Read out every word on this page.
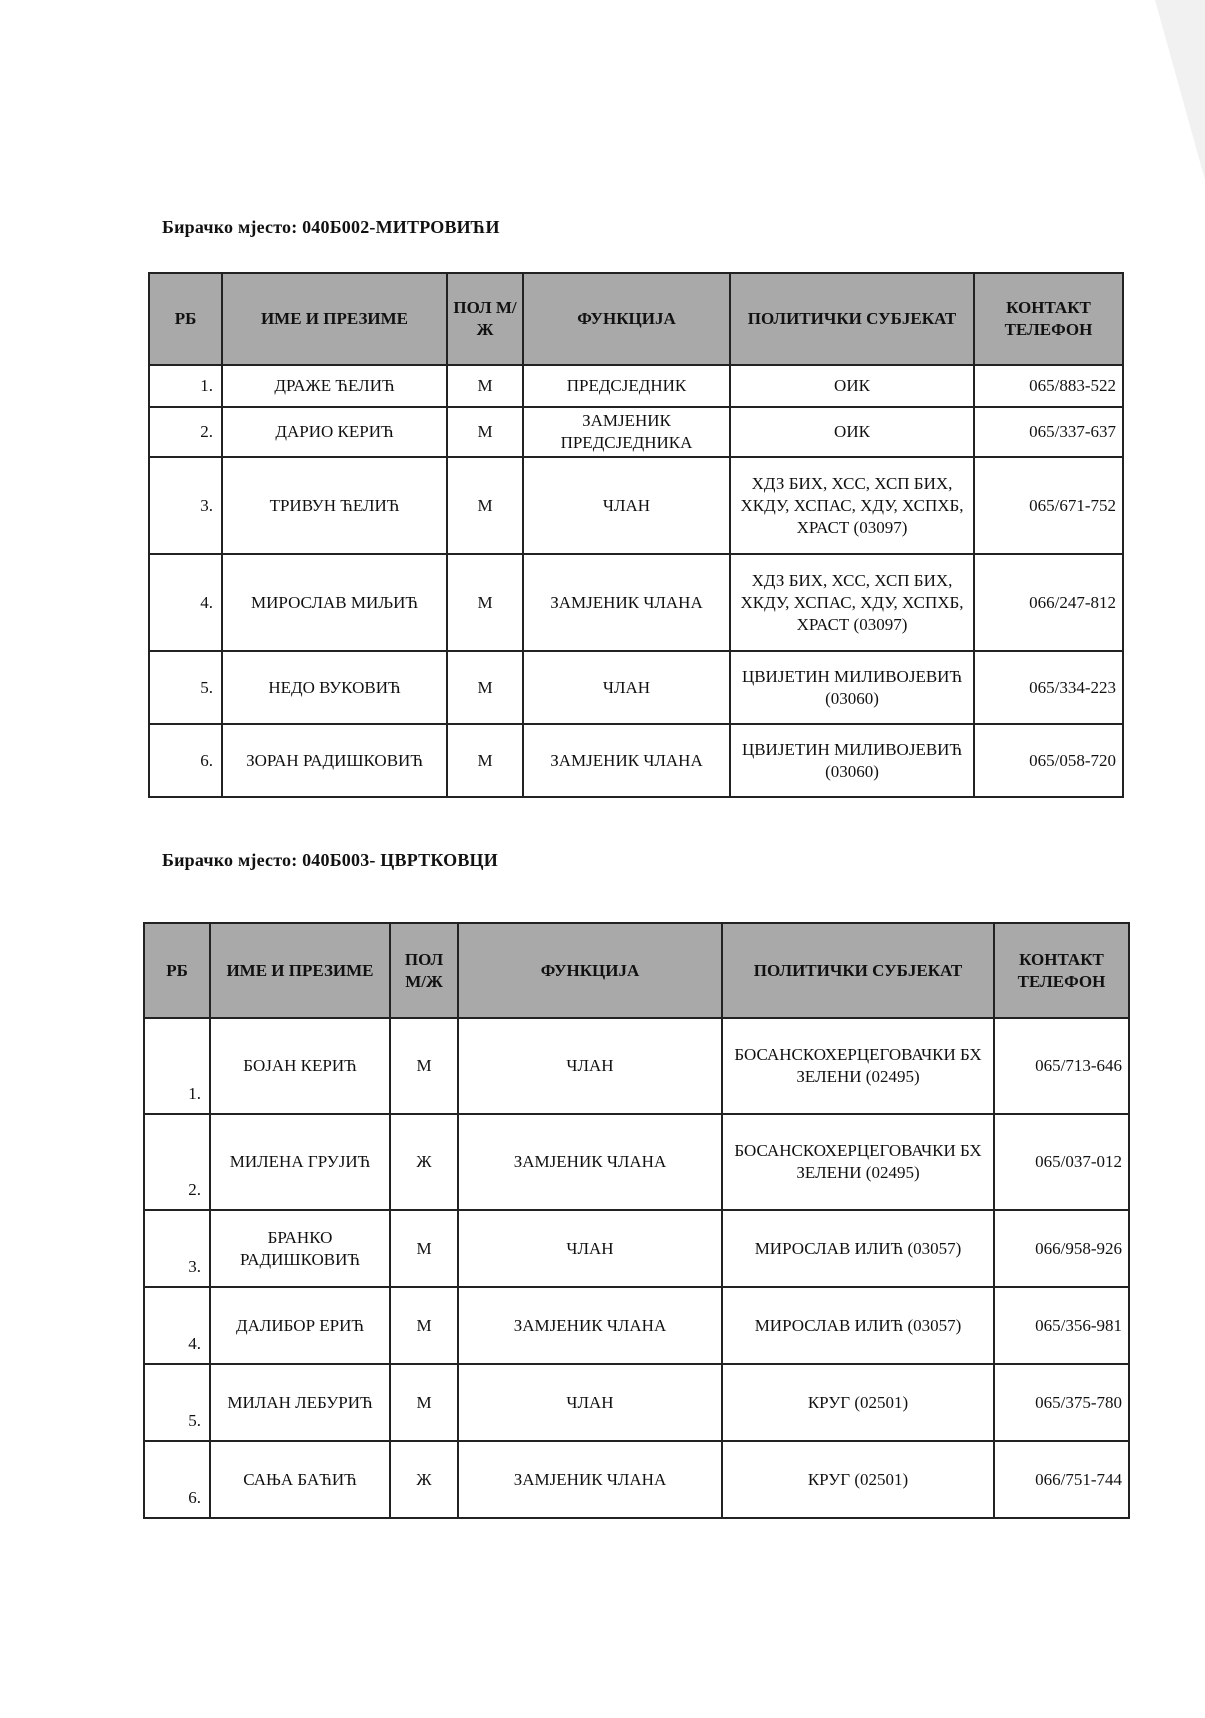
Бирачко мјесто: 040Б002-МИТРОВИЋИ
РБ	ИМЕ И ПРЕЗИМЕ	ПОЛ М/Ж	ФУНКЦИЈА	ПОЛИТИЧКИ СУБЈЕКАТ	КОНТАКТ ТЕЛЕФОН
1.	ДРАЖЕ ЋЕЛИЋ	М	ПРЕДСЈЕДНИК	ОИК	065/883-522
2.	ДАРИО КЕРИЋ	М	ЗАМЈЕНИК ПРЕДСЈЕДНИКА	ОИК	065/337-637
3.	ТРИВУН ЋЕЛИЋ	М	ЧЛАН	ХДЗ БИХ, ХСС, ХСП БИХ, ХКДУ, ХСПАС, ХДУ, ХСПХБ, ХРАСТ (03097)	065/671-752
4.	МИРОСЛАВ МИЉИЋ	М	ЗАМЈЕНИК ЧЛАНА	ХДЗ БИХ, ХСС, ХСП БИХ, ХКДУ, ХСПАС, ХДУ, ХСПХБ, ХРАСТ (03097)	066/247-812
5.	НЕДО ВУКОВИЋ	М	ЧЛАН	ЦВИЈЕТИН МИЛИВОЈЕВИЋ (03060)	065/334-223
6.	ЗОРАН РАДИШКОВИЋ	М	ЗАМЈЕНИК ЧЛАНА	ЦВИЈЕТИН МИЛИВОЈЕВИЋ (03060)	065/058-720
Бирачко мјесто: 040Б003- ЦВРТКОВЦИ
РБ	ИМЕ И ПРЕЗИМЕ	ПОЛ М/Ж	ФУНКЦИЈА	ПОЛИТИЧКИ СУБЈЕКАТ	КОНТАКТ ТЕЛЕФОН
1.	БОЈАН КЕРИЋ	М	ЧЛАН	БОСАНСКОХЕРЦЕГОВАЧКИ БХ ЗЕЛЕНИ (02495)	065/713-646
2.	МИЛЕНА ГРУЈИЋ	Ж	ЗАМЈЕНИК ЧЛАНА	БОСАНСКОХЕРЦЕГОВАЧКИ БХ ЗЕЛЕНИ (02495)	065/037-012
3.	БРАНКО РАДИШКОВИЋ	М	ЧЛАН	МИРОСЛАВ ИЛИЋ (03057)	066/958-926
4.	ДАЛИБОР ЕРИЋ	М	ЗАМЈЕНИК ЧЛАНА	МИРОСЛАВ ИЛИЋ (03057)	065/356-981
5.	МИЛАН ЛЕБУРИЋ	М	ЧЛАН	КРУГ (02501)	065/375-780
6.	САЊА БАЋИЋ	Ж	ЗАМЈЕНИК ЧЛАНА	КРУГ (02501)	066/751-744
